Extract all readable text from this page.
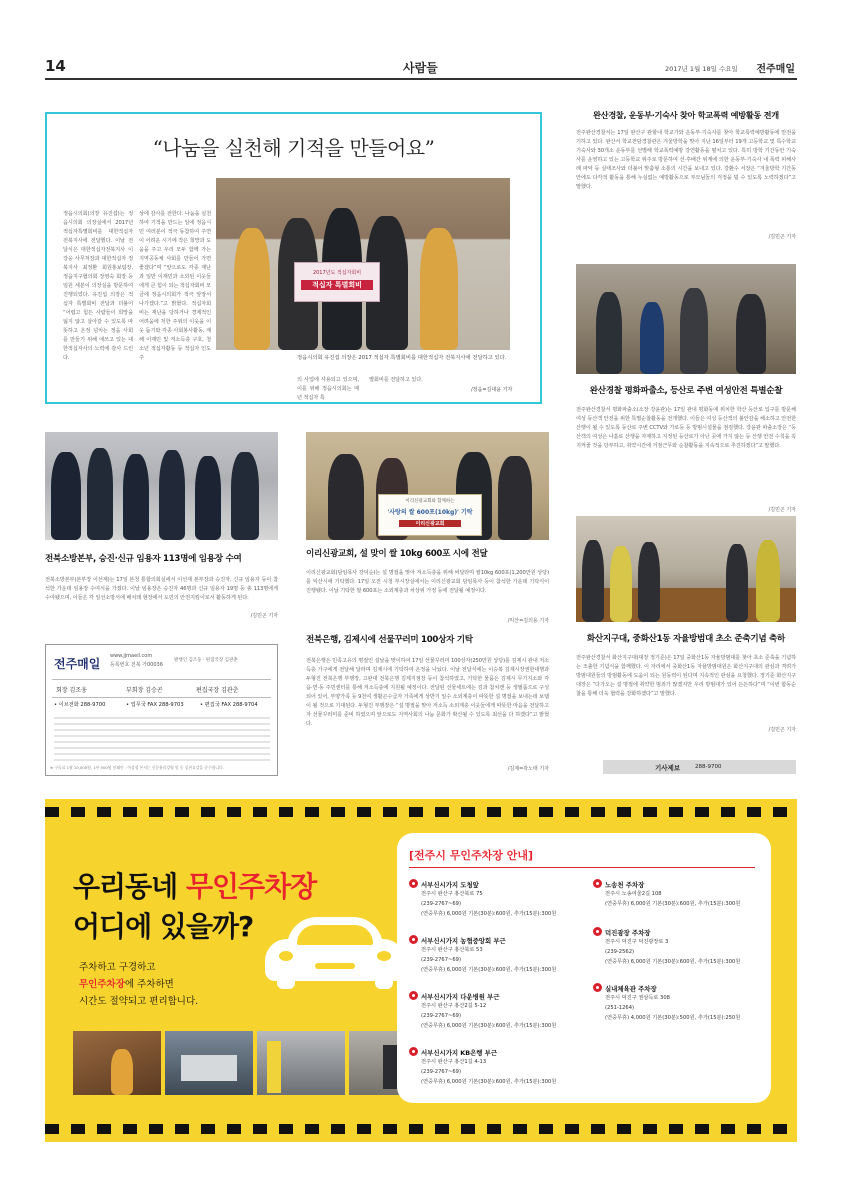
14	사람들	2017년 1월 18일 수요일 전주매일
“나눔을 실천해 기적을 만들어요”
정읍시의회(의장 유진섭)는 정읍시의회 의장실에서 2017년 적십자특별회비를 대한적십자 전북지사에 전달했다. 이날 전달식은 대한적십자전북지사 이강웅 사무처장과 대한적십자 정북지사 최정환 회원홍보팀장, 정읍지구협의회 장영숙 회장 등 임원 세분이 의장실을 방문하여 진행되었다. 유진섭 의장은 적십자 특별회비 전달과 더불어 “어렵고 힘든 사람들이 희망을 잃지 않고 살아갈 수 있도록 따뜻하고 온정 넘치는 정읍 사회를 만들기 위해 애쓰고 있는 대한적십자사의 노력에 감사 드린다.
상에 감사를 전한다. 나눔을 실천하여 기적을 만드는 일에 정읍시민 여러분이 적극 동참하여 주면 이 어려운 시기에 작은 희망과 도움을 주고 우리 모두 함께 가는 지역공동체 사회를 만들어 가면 좋겠다”며 “앞으로도 각종 재난과 일반 이재민과 소외된 이웃들에게 큰 힘이 되는 적십자회비 모금에 정읍시의회가 적극 앞장서 나가겠다.”고 밝혔다. 적십자회비는 재난을 당하거나 경제적인 어려움에 처한 주위의 이웃을 이웃 돕기와 각종 사회봉사활동, 재해 이재민 및 저소득층 구호, 청소년 적십자활동 등 적십자 인도주
2017년도 적십자회비
적십자 특별회비
정읍시의회 유진섭 의장은 2017 적십자 특별회비를 대한적십자 전북지사에 전달하고 있다.
의 사업에 사용되고 있으며, 이를 위해 정읍시의회는 매년 적십자 특
별회비를 전달하고 있다.
/정읍=김대윤 기자
완산경찰, 운동부·기숙사 찾아 학교폭력 예방활동 전개
전주완산경찰서는 17일 완산구 관할내 학교가와 운동부·기숙사를 찾아 학교폭력예방활동에 만전을 기하고 있다. 완산서 학교전담경찰관은 겨울방학을 맞아 지난 16일부터 19개 고등학교 및 특수학교 기숙사와 30개소 운동부를 선별해 학교폭력예방 강연활동을 펼치고 있다. 특히 방학 기간동안 기숙사를 운영하고 있는 고등학교 위주로 방문하여 선·후배간 위계에 의한 운동부·기숙사 내 폭력 피해사례 파악 등 실태조사와 더불어 맞춤형 소통의 시간을 보내고 있다. 강환수 서장은 “겨울방학 기간동안에도 다각적 활동을 통해 누실없는 예방활동으로 부모님들의 걱정을 덜 수 있도록 노력하겠다”고 말했다.
/김민곤 기자
완산경찰 평화파출소, 등산로 주변 여성안전 특별순찰
전주완산경찰서 평화파출소(소장 강윤관)는 17일 관내 평화동에 위치한 학산 등산로 입구를 방문해 여성 등산객 안전을 위한 특별순찰활동을 전개했다. 이들은 여성 등산객의 불안감을 해소하고 안전한 산행이 될 수 있도록 등산로 주변 CCTV와 가로등 등 방범시설물을 점검했다. 강윤관 파출소장은 “등산객의 여성은 나홀로 산행을 자제하고 지정된 등산로가 아닌 곳에 가지 않는 등 산행 안전 수칙을 꼭 지켜줄 것을 당부하고, 취약시간에 거점근무와 순찰활동을 지속적으로 추진하겠다”고 말했다.
/김민곤 기자
화산지구대, 중화산1동 자율방범대 초소 준축기념 축하
전주완산경찰서 화산지구대(대장 정기준)은 17일 중화산1동 자율방범대를 찾아 초소 준축을 기념하는 조촐한 기념식을 함께했다. 이 자리에서 중화산1동 자율방범대원은 화산지구대의 관심과 격려가 방범대원들의 방범활동에 도움이 되는 원동력이 된다며 지속적인 관심을 요청했다. 정기준 화산지구대장은 “다가오는 설 명절에 취약한 범죄가 많겠지만 우리 방범대가 있어 든든하다”며 “이번 합동순찰을 통해 더욱 협력을 강화하겠다”고 말했다.
/김민곤 기자
전북소방본부, 승진·신규 임용자 113명에 임용장 수여
전북소방본부(본부장 이선재)는 17일 본청 통합의회실에서 이선재 본부장과 승진자, 신규 임용자 등이 참석한 가운데 임용장 수여식을 가졌다. 이날 임용장은 승진자 46명과 신규 임용자 19명 등 총 113명에게 수여됐으며, 이들은 각 일선소방서에 배치돼 현장에서 도민의 안전지킴이로서 활동하게 된다.
/김민곤 기자
이리신광교회와 함께하는
'사랑의 쌀 600포(10kg)' 기탁
이리신광교회
이리신광교회, 설 맞이 쌀 10kg 600포 시에 전달
이리신광교회(담임목사 강덕순)는 설 명절을 맞아 저소득층을 위해 써달라며 쌀10kg 600포(1,200만원 상당)를 익산시에 기탁했다. 17일 오전 시청 부시장실에서는 이리신광교회 담임목사 등이 참석한 가운데 기탁식이 진행됐다. 이날 기탁한 쌀 600포는 소외계층과 차상위 가정 등에 전달될 예정이다.
/익산=김의용 기자
전북은행, 김제시에 선물꾸러미 100상자 기탁
전북은행은 민족고유의 명절인 설날을 맞이하여 17일 선물꾸러미 100상자(250만원 상당)를 김제시 관내 저소득층 가구에게 전달해 달라며 김제시에 기탁하여 온정을 나눴다. 이날 전달식에는 이승복 김제시장권한대행과 두형진 전북은행 부행장, 고완대 전북은행 김제지점장 등이 참석하였고, 기탁한 물품은 김제시 무기지소와 각 읍·면·동 주민센터를 통해 저소득층에 지원될 예정이다. 전달된 선물세트에는 김과 참치캔 등 생필품으로 구성되어 있어, 부양가족 등 9천여 생활곤수급자 가족에게 상반기 일수 소외계층이 따뜻한 설 명절을 보내는데 보탬이 될 것으로 기대된다. 두형진 부행장은 “설 명절을 맞아 저소득 소외계층 이웃들에게 따뜻한 마음을 전달하고자 선물꾸러미를 준비 하였으며 앞으로도 지역사회의 나눔 문화가 확산될 수 있도록 최선을 다 하겠다”고 밝혔다.
/김제=곽노태 기자
전주매일
www.jjmaeil.com
등록번호 전북 가00036
발행인 김조웅 · 편집국장 김관춘
회장 김조웅	부회장 김승곤	편집국장 김관춘
• 이브전화 288-9700	• 업무국 FAX 288-9703	• 편집국 FAX 288-9704
※ 구독료 1월 10,000원, 1부 500원 인쇄인 : 이상철 본지는 신문윤리강령 및 동 실천요강을 준수합니다.	기사제보	288-9700
우리동네 무인주차장
어디에 있을까?
주차하고 구경하고
무인주차장에 주차하면
시간도 절약되고 편리합니다.
[전주시 무인주차장 안내]
서부신시가지 도청앞
전주시 완산구 홍산북로 75
(239-2767~69)
(연중무휴) 6,000원 기본(30분):600원, 추가(15분):300원
서부신시가지 농협중앙회 부근
전주시 완산구 홍산북로 53
(239-2767~69)
(연중무휴) 6,000원 기본(30분):600원, 추가(15분):300원
서부신시가지 다운병원 부근
전주시 완산구 홍산2길 5-12
(239-2767~69)
(연중무휴) 6,000원 기본(30분):600원, 추가(15분):300원
서부신시가지 KB은행 부근
전주시 완산구 홍산1길 4-13
(239-2767~69)
(연중무휴) 6,000원 기본(30분):600원, 추가(15분):300원
노송천 주차장
전주시 노송여울2길 108
(연중무휴) 6,000원 기본(30분):600원, 추가(15분):300원
덕진광장 주차장
전주시 덕진구 덕진광장로 3
(239-2562)
(연중무휴) 6,000원 기본(30분):600원, 추가(15분):300원
실내체육관 주차장
전주시 덕진구 권삼득로 308
(251-1264)
(연중무휴) 4,000원 기본(30분):500원, 추가(15분):250원
